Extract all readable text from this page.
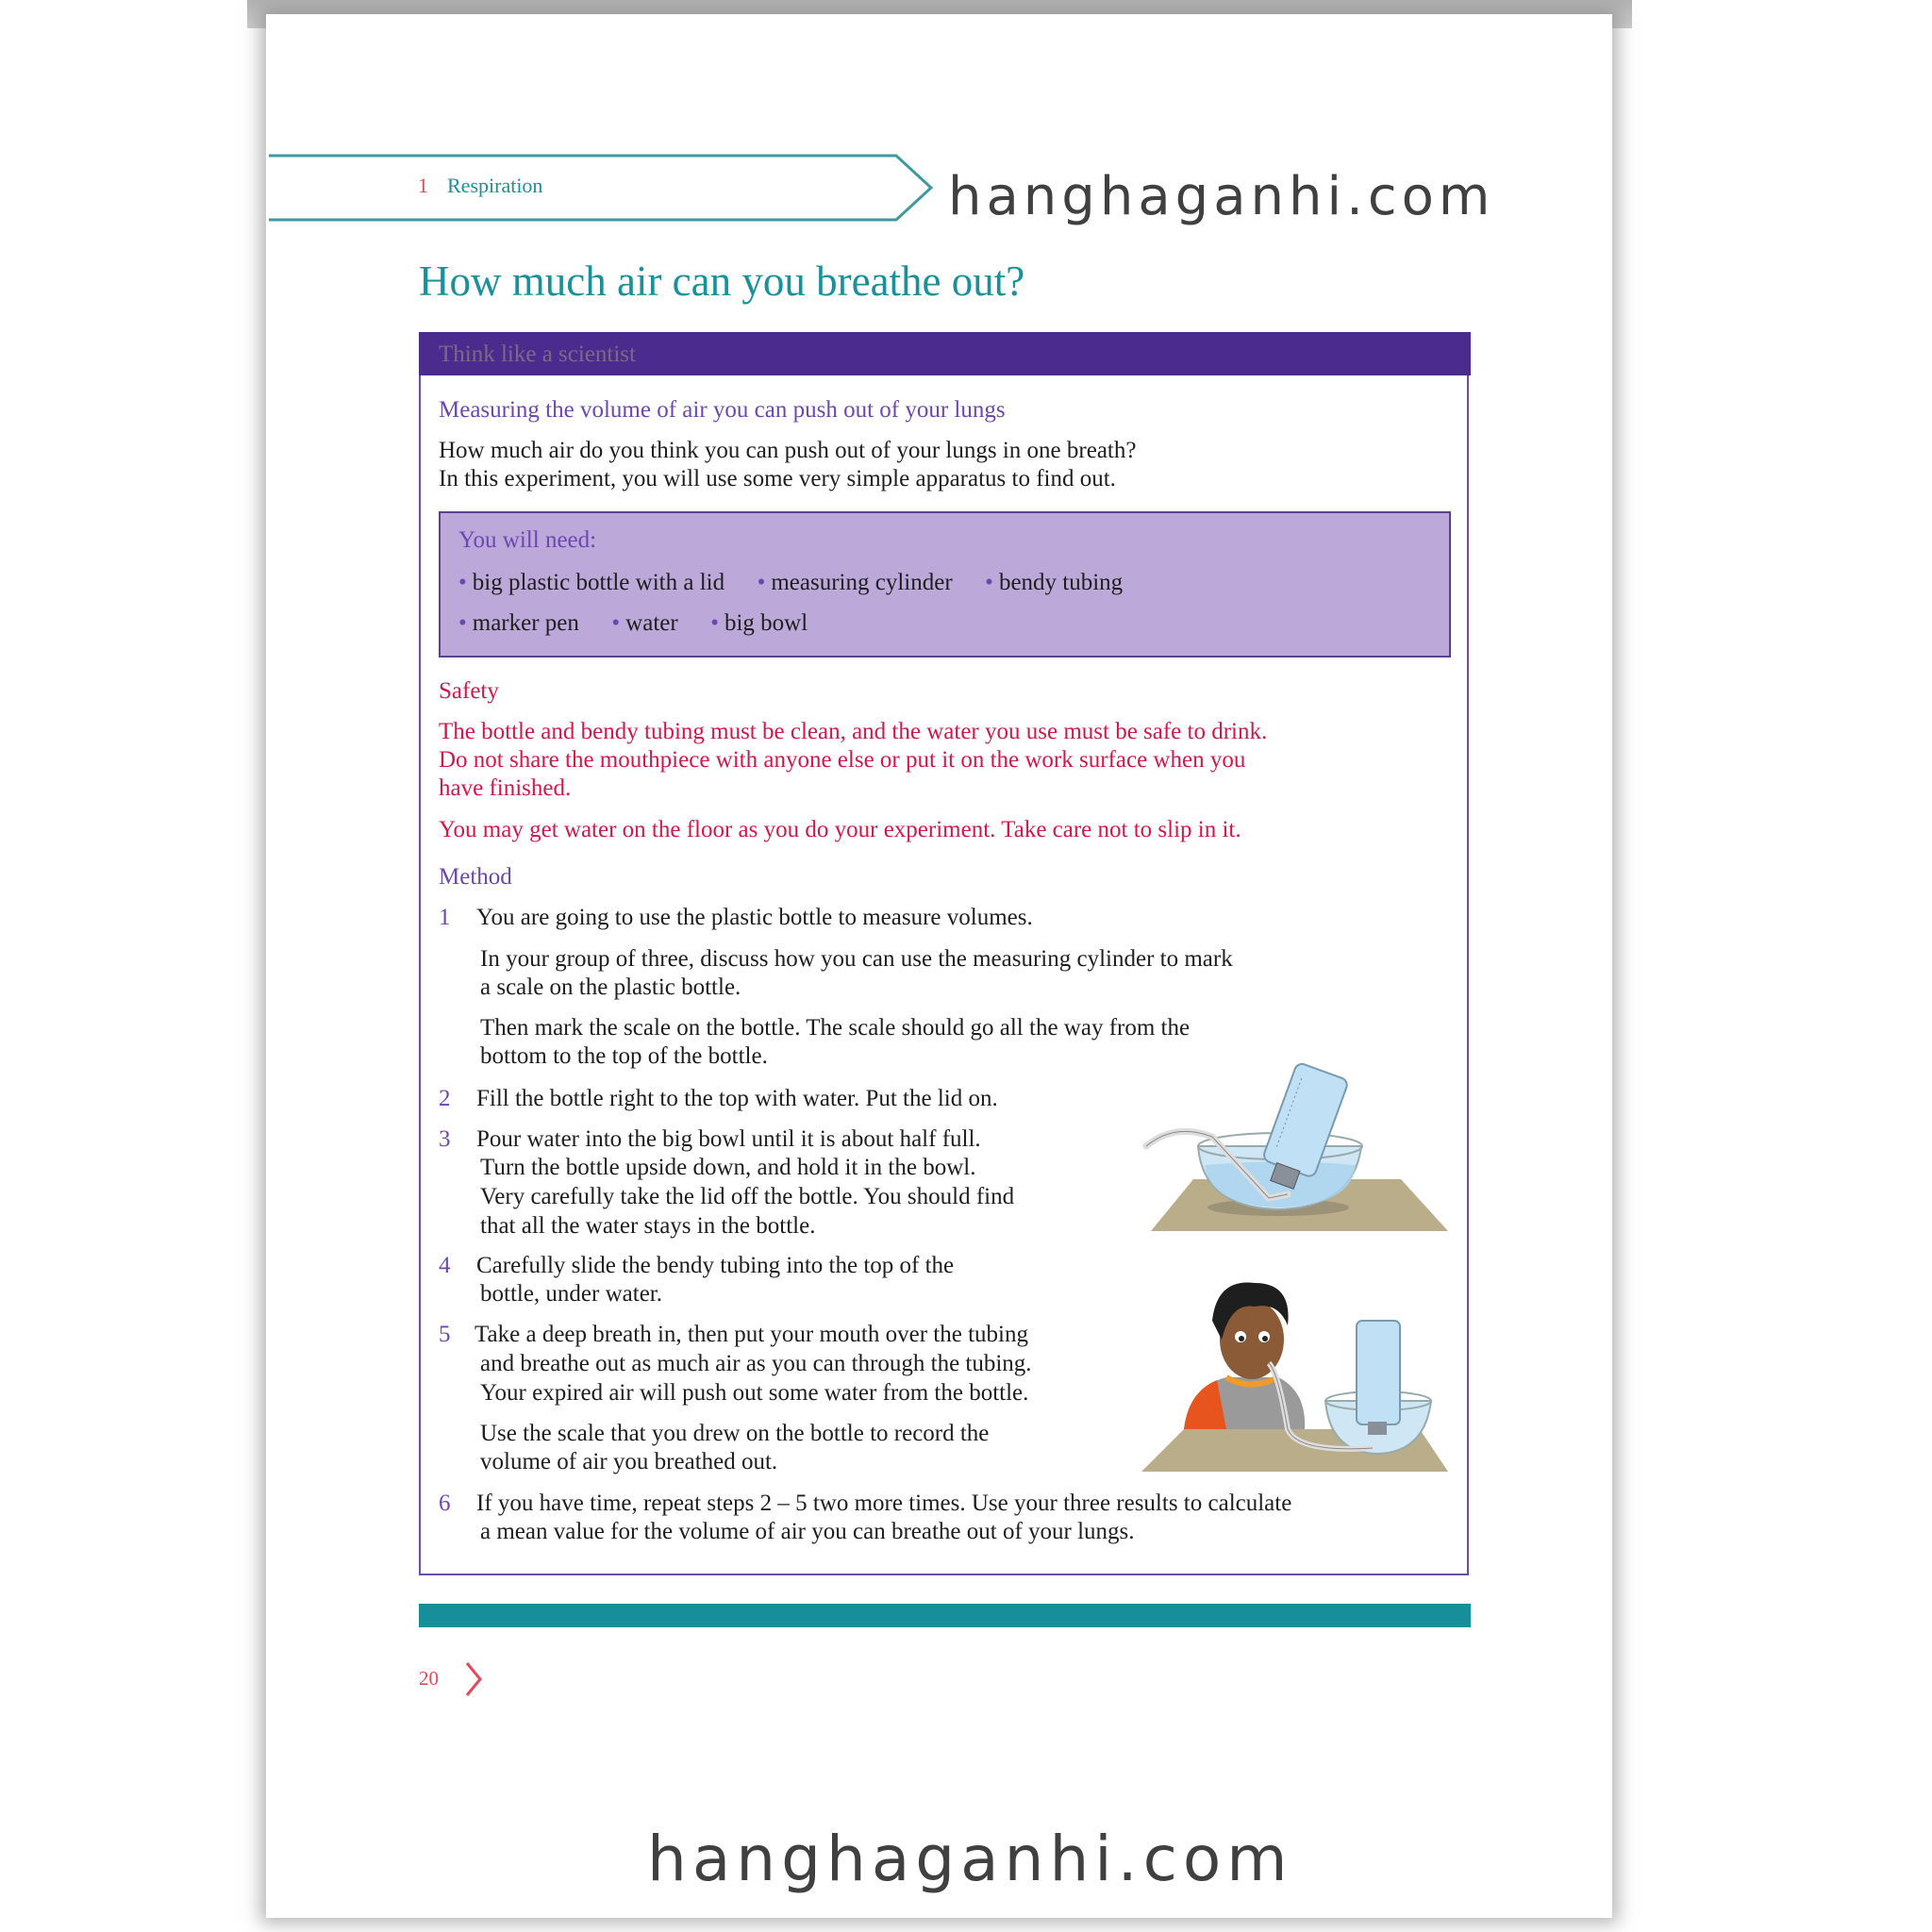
1 Respiration	hanghaganhi.com
How much air can you breathe out?
Think like a scientist
Measuring the volume of air you can push out of your lungs
How much air do you think you can push out of your lungs in one breath?
In this experiment, you will use some very simple apparatus to find out.
You will need:
• big plastic bottle with a lid • measuring cylinder • bendy tubing
• marker pen • water • big bowl
Safety
The bottle and bendy tubing must be clean, and the water you use must be safe to drink.
Do not share the mouthpiece with anyone else or put it on the work surface when you
have finished.
You may get water on the floor as you do your experiment. Take care not to slip in it.
Method
1	You are going to use the plastic bottle to measure volumes.
In your group of three, discuss how you can use the measuring cylinder to mark
a scale on the plastic bottle.
Then mark the scale on the bottle. The scale should go all the way from the
bottom to the top of the bottle.
2	Fill the bottle right to the top with water. Put the lid on.
3	Pour water into the big bowl until it is about half full.
Turn the bottle upside down, and hold it in the bowl.
Very carefully take the lid off the bottle. You should find
that all the water stays in the bottle.
4	Carefully slide the bendy tubing into the top of the
bottle, under water.
5	Take a deep breath in, then put your mouth over the tubing
and breathe out as much air as you can through the tubing.
Your expired air will push out some water from the bottle.
Use the scale that you drew on the bottle to record the
volume of air you breathed out.
6	If you have time, repeat steps 2 – 5 two more times. Use your three results to calculate
a mean value for the volume of air you can breathe out of your lungs.
20
hanghaganhi.com
